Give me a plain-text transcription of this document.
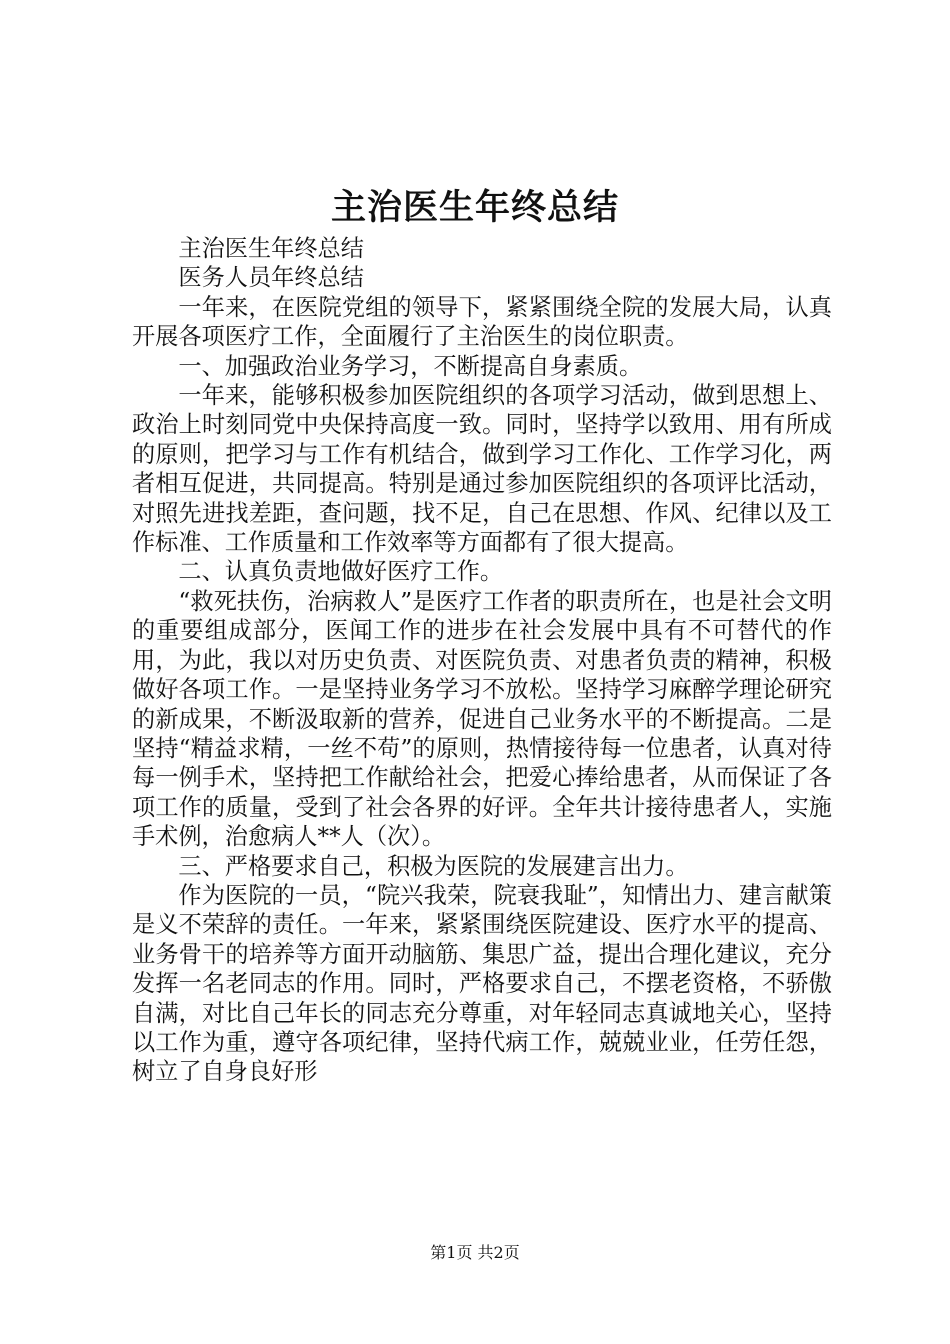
主治医生年终总结

主治医生年终总结

医务人员年终总结

一年来，在医院党组的领导下，紧紧围绕全院的发展大局，认真开展各项医疗工作，全面履行了主治医生的岗位职责。

一、加强政治业务学习，不断提高自身素质。

一年来，能够积极参加医院组织的各项学习活动，做到思想上、政治上时刻同党中央保持高度一致。同时，坚持学以致用、用有所成的原则，把学习与工作有机结合，做到学习工作化、工作学习化，两者相互促进，共同提高。特别是通过参加医院组织的各项评比活动，对照先进找差距，查问题，找不足，自己在思想、作风、纪律以及工作标准、工作质量和工作效率等方面都有了很大提高。

二、认真负责地做好医疗工作。

“救死扶伤，治病救人”是医疗工作者的职责所在，也是社会文明的重要组成部分，医闻工作的进步在社会发展中具有不可替代的作用，为此，我以对历史负责、对医院负责、对患者负责的精神，积极做好各项工作。一是坚持业务学习不放松。坚持学习麻醉学理论研究的新成果，不断汲取新的营养，促进自己业务水平的不断提高。二是坚持“精益求精，一丝不苟”的原则，热情接待每一位患者，认真对待每一例手术，坚持把工作献给社会，把爱心捧给患者，从而保证了各项工作的质量，受到了社会各界的好评。全年共计接待患者人，实施手术例，治愈病人**人（次）。

三、严格要求自己，积极为医院的发展建言出力。

作为医院的一员，“院兴我荣，院衰我耻”，知情出力、建言献策是义不荣辞的责任。一年来，紧紧围绕医院建设、医疗水平的提高、业务骨干的培养等方面开动脑筋、集思广益，提出合理化建议，充分发挥一名老同志的作用。同时，严格要求自己，不摆老资格，不骄傲自满，对比自己年长的同志充分尊重，对年轻同志真诚地关心，坚持以工作为重，遵守各项纪律，坚持代病工作，兢兢业业，任劳任怨，树立了自身良好形

第1页 共2页
